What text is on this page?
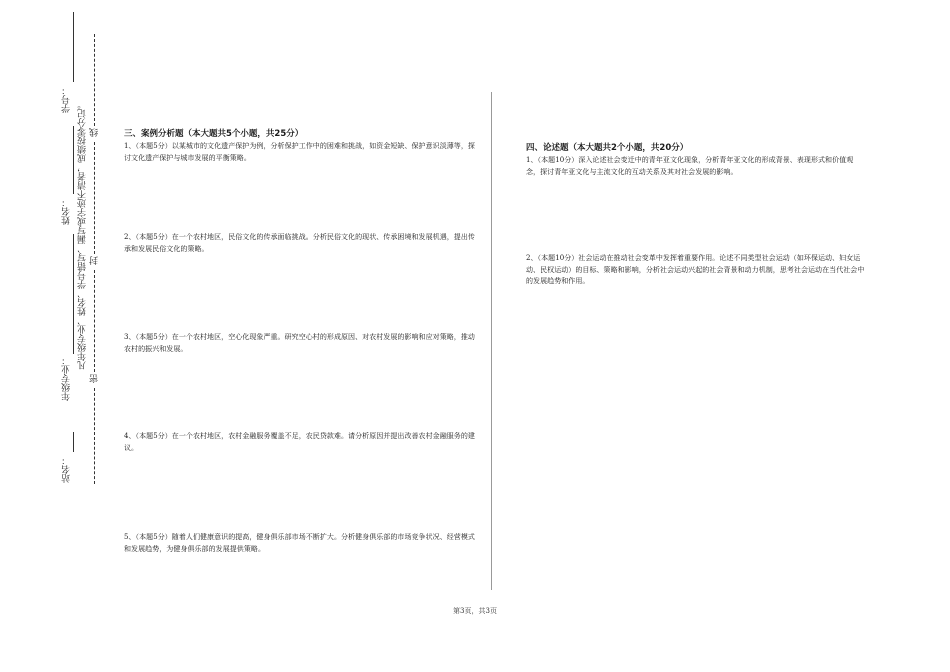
学号：
姓名：
年级专业：
站名：
凡年级专业、姓名、学号错写、漏写或字迹不清者，成绩按零分记。 线
封
密
三、案例分析题（本大题共5个小题，共25分）

1、（本题5分）以某城市的文化遗产保护为例，分析保护工作中的困难和挑战，如资金短缺、保护意识淡薄等，探讨文化遗产保护与城市发展的平衡策略。

2、（本题5分）在一个农村地区，民俗文化的传承面临挑战。分析民俗文化的现状、传承困境和发展机遇，提出传承和发展民俗文化的策略。

3、（本题5分）在一个农村地区，空心化现象严重。研究空心村的形成原因、对农村发展的影响和应对策略，推动农村的振兴和发展。

4、（本题5分）在一个农村地区，农村金融服务覆盖不足，农民贷款难。请分析原因并提出改善农村金融服务的建议。

5、（本题5分）随着人们健康意识的提高，健身俱乐部市场不断扩大。分析健身俱乐部的市场竞争状况、经营模式和发展趋势，为健身俱乐部的发展提供策略。

四、论述题（本大题共2个小题，共20分）

1、（本题10分）深入论述社会变迁中的青年亚文化现象，分析青年亚文化的形成背景、表现形式和价值观念，探讨青年亚文化与主流文化的互动关系及其对社会发展的影响。

2、（本题10分）社会运动在推动社会变革中发挥着重要作用。论述不同类型社会运动（如环保运动、妇女运动、民权运动）的目标、策略和影响，分析社会运动兴起的社会背景和动力机制，思考社会运动在当代社会中的发展趋势和作用。

第3页，共3页
